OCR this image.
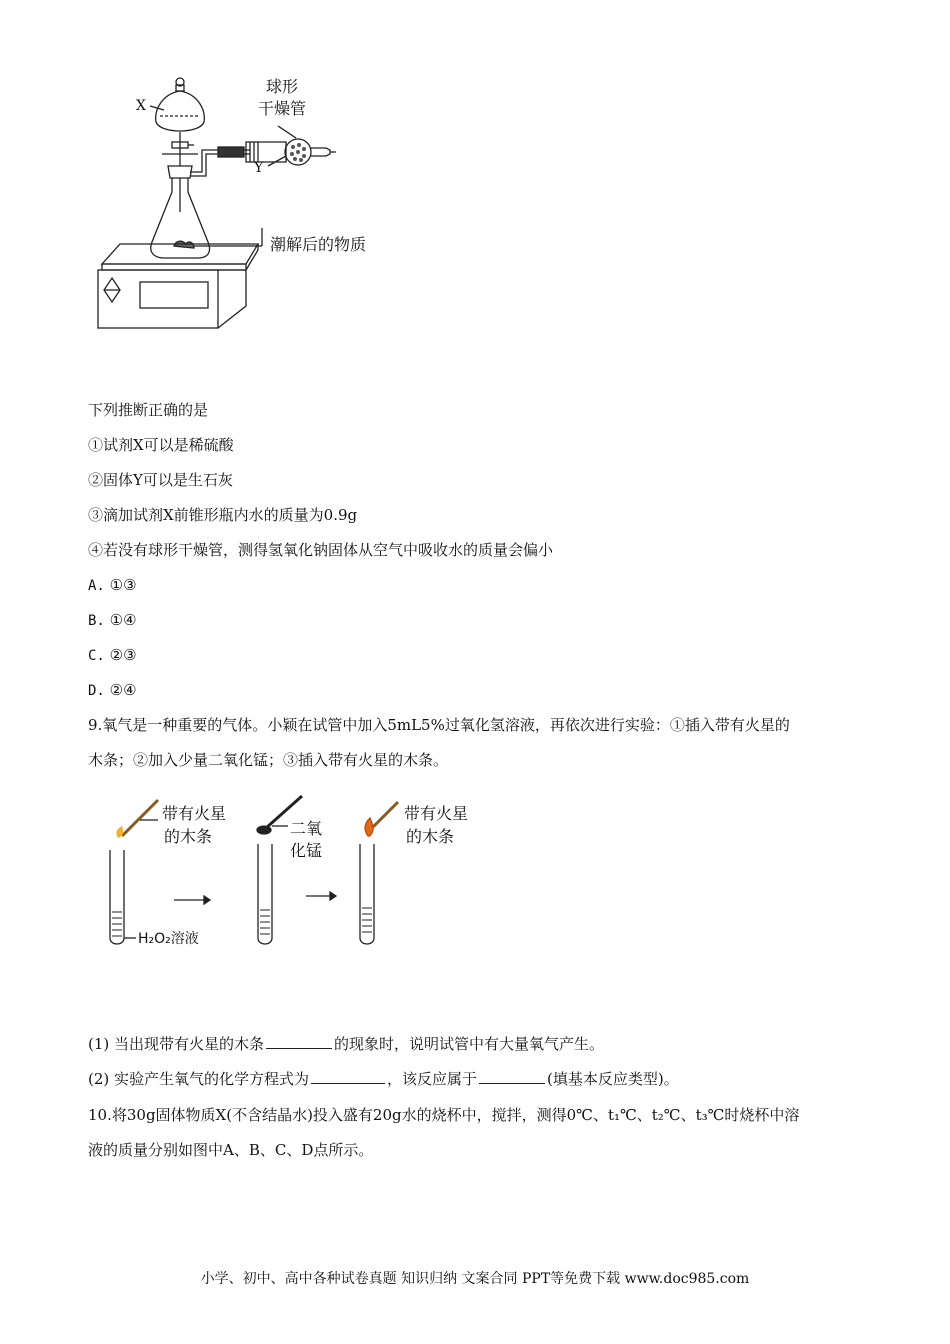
X
Y
球形
干燥管
潮解后的物质
下列推断正确的是
①试剂X可以是稀硫酸
②固体Y可以是生石灰
③滴加试剂X前锥形瓶内水的质量为0.9g
④若没有球形干燥管，测得氢氧化钠固体从空气中吸收水的质量会偏小
A. ①③
B. ①④
C. ②③
D. ②④
9.氧气是一种重要的气体。小颖在试管中加入5mL5%过氧化氢溶液，再依次进行实验：①插入带有火星的
木条；②加入少量二氧化锰；③插入带有火星的木条。
带有火星
的木条	二氧
化锰
带有火星
的木条
H₂O₂溶液
(1) 当出现带有火星的木条	的现象时，说明试管中有大量氧气产生。
(2) 实验产生氧气的化学方程式为	，该反应属于	(填基本反应类型)。
10.将30g固体物质X(不含结晶水)投入盛有20g水的烧杯中，搅拌，测得0℃、t₁℃、t₂℃、t₃℃时烧杯中溶
液的质量分别如图中A、B、C、D点所示。
小学、初中、高中各种试卷真题 知识归纳 文案合同 PPT等免费下载 www.doc985.com
